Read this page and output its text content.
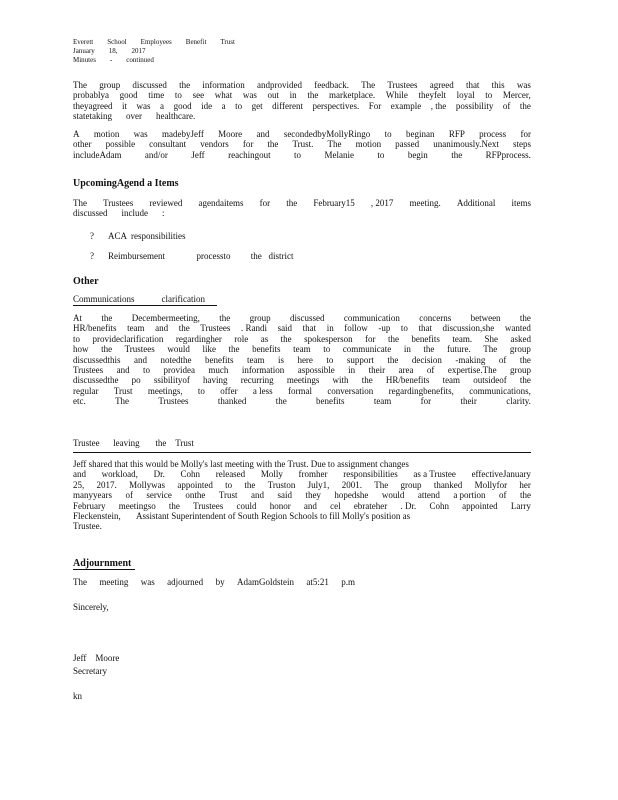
Everett School Employees Benefit Trust
January 18, 2017
Minutes - continued
The group discussed the information andprovided feedback. The Trustees agreed that this was
probablya good time to see what was out in the marketplace. While theyfelt loyal to Mercer,
theyagreed it was a good ide a to get different perspectives. For example , the possibility of the
statetaking over healthcare.
A motion was madebyJeff Moore and secondedbyMollyRingo to beginan RFP process for
other possible consultant vendors for the Trust. The motion passed unanimously.Next steps
includeAdam	and/or	Jeff	reachingout	to	Melanie	to	begin	the	RFPprocess.
UpcomingAgend a Items
The Trustees reviewed agendaitems for the February15 , 2017 meeting. Additional items
discussed include :
? ACA  responsibilities
? Reimbursement              processto         the   district
Other
Communications            clarification
At the Decembermeeting, the group discussed communication concerns between the
HR/benefits team and the Trustees . Randi said that in follow -up to that discussion,she wanted
to provideclarification regardingher role as the spokesperson for the benefits team. She asked
how the Trustees would like the benefits team to communicate in the future. The group
discussedthis and notedthe benefits team is here to support the decision -making of the
Trustees and to providea much information aspossible in their area of expertise.The group
discussedthe po ssibilityof having recurring meetings with the HR/benefits team outsideof the
regular Trust meetings, to offer a less formal conversation regardingbenefits, communications,
etc.	The	Trustees	thanked	the	benefits	team	for	their	clarity.
Trustee      leaving       the    Trust
Jeff shared that this would be Molly's last meeting with the Trust. Due to assignment changes
and workload, Dr. Cohn released Molly fromher responsibilities as a Trustee effectiveJanuary
25, 2017. Mollywas appointed to the Truston July1, 2001. The group thanked Mollyfor her
manyyears of service onthe Trust and said they hopedshe would attend a portion of the
February meetingso the Trustees could honor and cel ebrateher . Dr. Cohn appointed Larry
Fleckenstein,       Assistant Superintendent of South Region Schools to fill Molly's position as
Trustee.
Adjournment
The meeting was adjourned by AdamGoldstein at5:21 p.m
Sincerely,
Jeff    Moore
Secretary
kn
